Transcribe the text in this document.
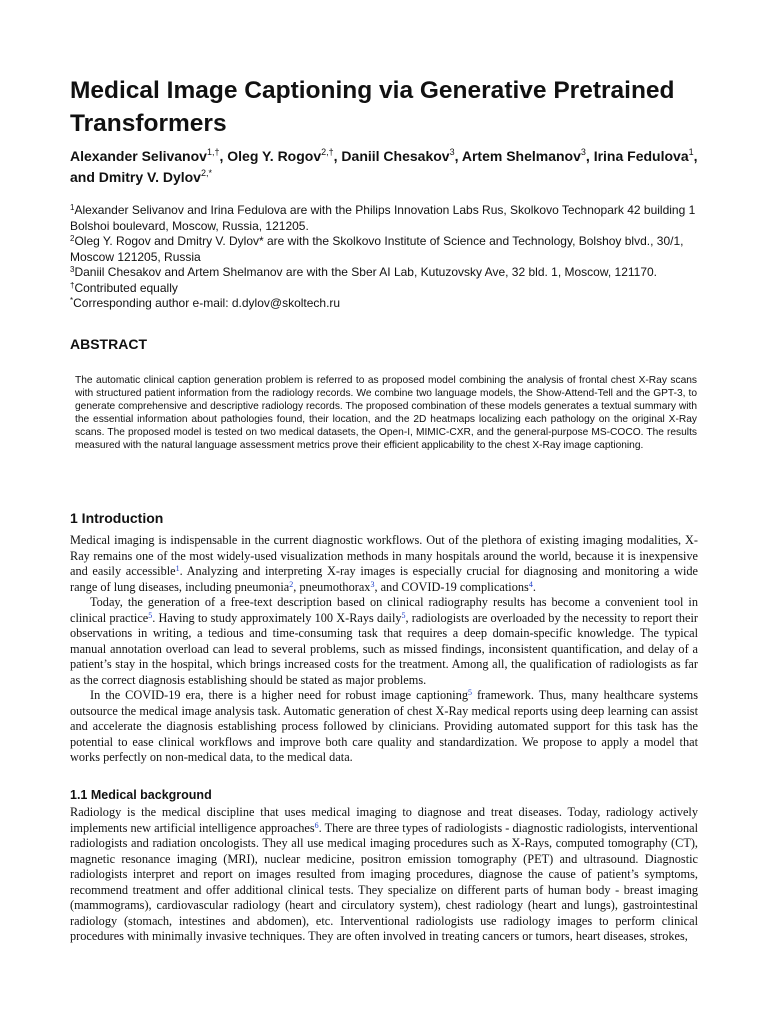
Medical Image Captioning via Generative Pretrained Transformers

Alexander Selivanov$^{1,\dagger}$, Oleg Y. Rogov$^{2,\dagger}$, Daniil Chesakov$^3$, Artem Shelmanov$^3$, Irina Fedulova$^1$, and Dmitry V. Dylov$^{2,*}$

$^1$Alexander Selivanov and Irina Fedulova are with the Philips Innovation Labs Rus, Skolkovo Technopark 42 building 1 Bolshoi boulevard, Moscow, Russia, 121205.

$^2$Oleg Y. Rogov and Dmitry V. Dylov* are with the Skolkovo Institute of Science and Technology, Bolshoy blvd., 30/1, Moscow 121205, Russia

$^3$Daniil Chesakov and Artem Shelmanov are with the Sber AI Lab, Kutuzovsky Ave, 32 bld. 1, Moscow, 121170.

†Contributed equally

*Corresponding author e-mail: d.dylov@skoltech.ru

ABSTRACT

The automatic clinical caption generation problem is referred to as proposed model combining the analysis of frontal chest X-Ray scans with structured patient information from the radiology records. We combine two language models, the Show-Attend-Tell and the GPT-3, to generate comprehensive and descriptive radiology records. The proposed combination of these models generates a textual summary with the essential information about pathologies found, their location, and the 2D heatmaps localizing each pathology on the original X-Ray scans. The proposed model is tested on two medical datasets, the Open-I, MIMIC-CXR, and the general-purpose MS-COCO. The results measured with the natural language assessment metrics prove their efficient applicability to the chest X-Ray image captioning.

1 Introduction

Medical imaging is indispensable in the current diagnostic workflows. Out of the plethora of existing imaging modalities, X-Ray remains one of the most widely-used visualization methods in many hospitals around the world, because it is inexpensive and easily accessible$^1$. Analyzing and interpreting X-ray images is especially crucial for diagnosing and monitoring a wide range of lung diseases, including pneumonia$^2$, pneumothorax$^3$, and COVID-19 complications$^4$.

Today, the generation of a free-text description based on clinical radiography results has become a convenient tool in clinical practice$^5$. Having to study approximately 100 X-Rays daily$^5$, radiologists are overloaded by the necessity to report their observations in writing, a tedious and time-consuming task that requires a deep domain-specific knowledge. The typical manual annotation overload can lead to several problems, such as missed findings, inconsistent quantification, and delay of a patient’s stay in the hospital, which brings increased costs for the treatment. Among all, the qualification of radiologists as far as the correct diagnosis establishing should be stated as major problems.

In the COVID-19 era, there is a higher need for robust image captioning$^5$ framework. Thus, many healthcare systems outsource the medical image analysis task. Automatic generation of chest X-Ray medical reports using deep learning can assist and accelerate the diagnosis establishing process followed by clinicians. Providing automated support for this task has the potential to ease clinical workflows and improve both care quality and standardization. We propose to apply a model that works perfectly on non-medical data, to the medical data.

1.1 Medical background

Radiology is the medical discipline that uses medical imaging to diagnose and treat diseases. Today, radiology actively implements new artificial intelligence approaches$^6$. There are three types of radiologists - diagnostic radiologists, interventional radiologists and radiation oncologists. They all use medical imaging procedures such as X-Rays, computed tomography (CT), magnetic resonance imaging (MRI), nuclear medicine, positron emission tomography (PET) and ultrasound. Diagnostic radiologists interpret and report on images resulted from imaging procedures, diagnose the cause of patient’s symptoms, recommend treatment and offer additional clinical tests. They specialize on different parts of human body - breast imaging (mammograms), cardiovascular radiology (heart and circulatory system), chest radiology (heart and lungs), gastrointestinal radiology (stomach, intestines and abdomen), etc. Interventional radiologists use radiology images to perform clinical procedures with minimally invasive techniques. They are often involved in treating cancers or tumors, heart diseases, strokes,
